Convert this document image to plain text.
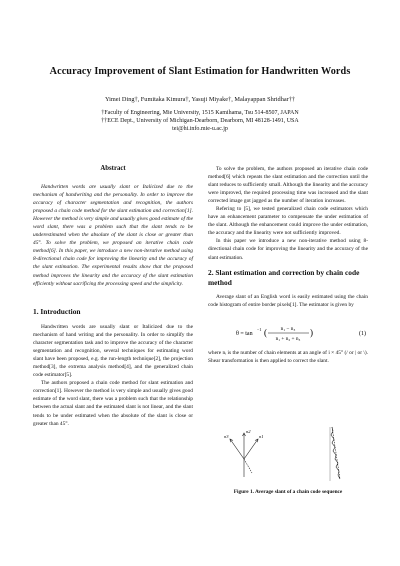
Accuracy Improvement of Slant Estimation for Handwritten Words
Yimei Ding†, Fumitaka Kimura†, Yasuji Miyake†, Malayappan Shridhar††
†Faculty of Engineering, Mie University, 1515 Kamihama, Tsu 514-8507, JAPAN
††ECE Dept., University of Michigan-Dearborn, Dearborn, MI 48128-1491, USA
tei@hi.info.mie-u.ac.jp
Abstract
Handwritten words are usually slant or Italicized due to the mechanism of handwriting and the personality. In order to improve the accuracy of character segmentation and recognition, the authors proposed a chain code method for the slant estimation and correction[1]. However the method is very simple and usually gives good estimate of the word slant, there was a problem such that the slant tends to be underestimated when the absolute of the slant is close or greater than 45°. To solve the problem, we proposed an iterative chain code method[6]. In this paper, we introduce a new non-iterative method using 8-directional chain code for improving the linearity and the accuracy of the slant estimation. The experimental results show that the proposed method improves the linearity and the accuracy of the slant estimation efficiently without sacrificing the processing speed and the simplicity.
1. Introduction

Handwritten words are usually slant or Italicized due to the mechanism of hand writing and the personality. In order to simplify the character segmentation task and to improve the accuracy of the character segmentation and recognition, several techniques for estimating word slant have been proposed, e.g. the run-length technique[2], the projection method[3], the extrema analysis method[4], and the generalized chain code estimator[5].

The authors proposed a chain code method for slant estimation and correction[1]. However the method is very simple and usually gives good estimate of the word slant, there was a problem such that the relationship between the actual slant and the estimated slant is not linear, and the slant tends to be under estimated when the absolute of the slant is close or greater than 45°.

To solve the problem, the authors proposed an iterative chain code method[6] which repeats the slant estimation and the correction until the slant reduces to sufficiently small. Although the linearity and the accuracy were improved, the required processing time was increased and the slant corrected image got jagged as the number of iteration increases.

Refering to [5], we tested generalized chain code estimators which have an enhancement parameter to compensate the under estimation of the slant. Although the enhancement could improve the under estimation, the accuracy and the linearity were not sufficiently improved.

In this paper we introduce a new non-iterative method using 8-directional chain code for improving the linearity and the accuracy of the slant estimation.

2. Slant estimation and correction by chain code method

Average slant of an English word is easily estimated using the chain code histogram of entire border pixels[1]. The estimator is given by

θ = tan
−1 (	n₁ − n₃
n₁ + n₂ + n₃
)	(1)

where nᵢ is the number of chain elements at an angle of i × 45° (/ or | or \). Shear transformation is then applied to correct the slant.

n2
n3	n1
Figure 1. Average slant of a chain code sequence
